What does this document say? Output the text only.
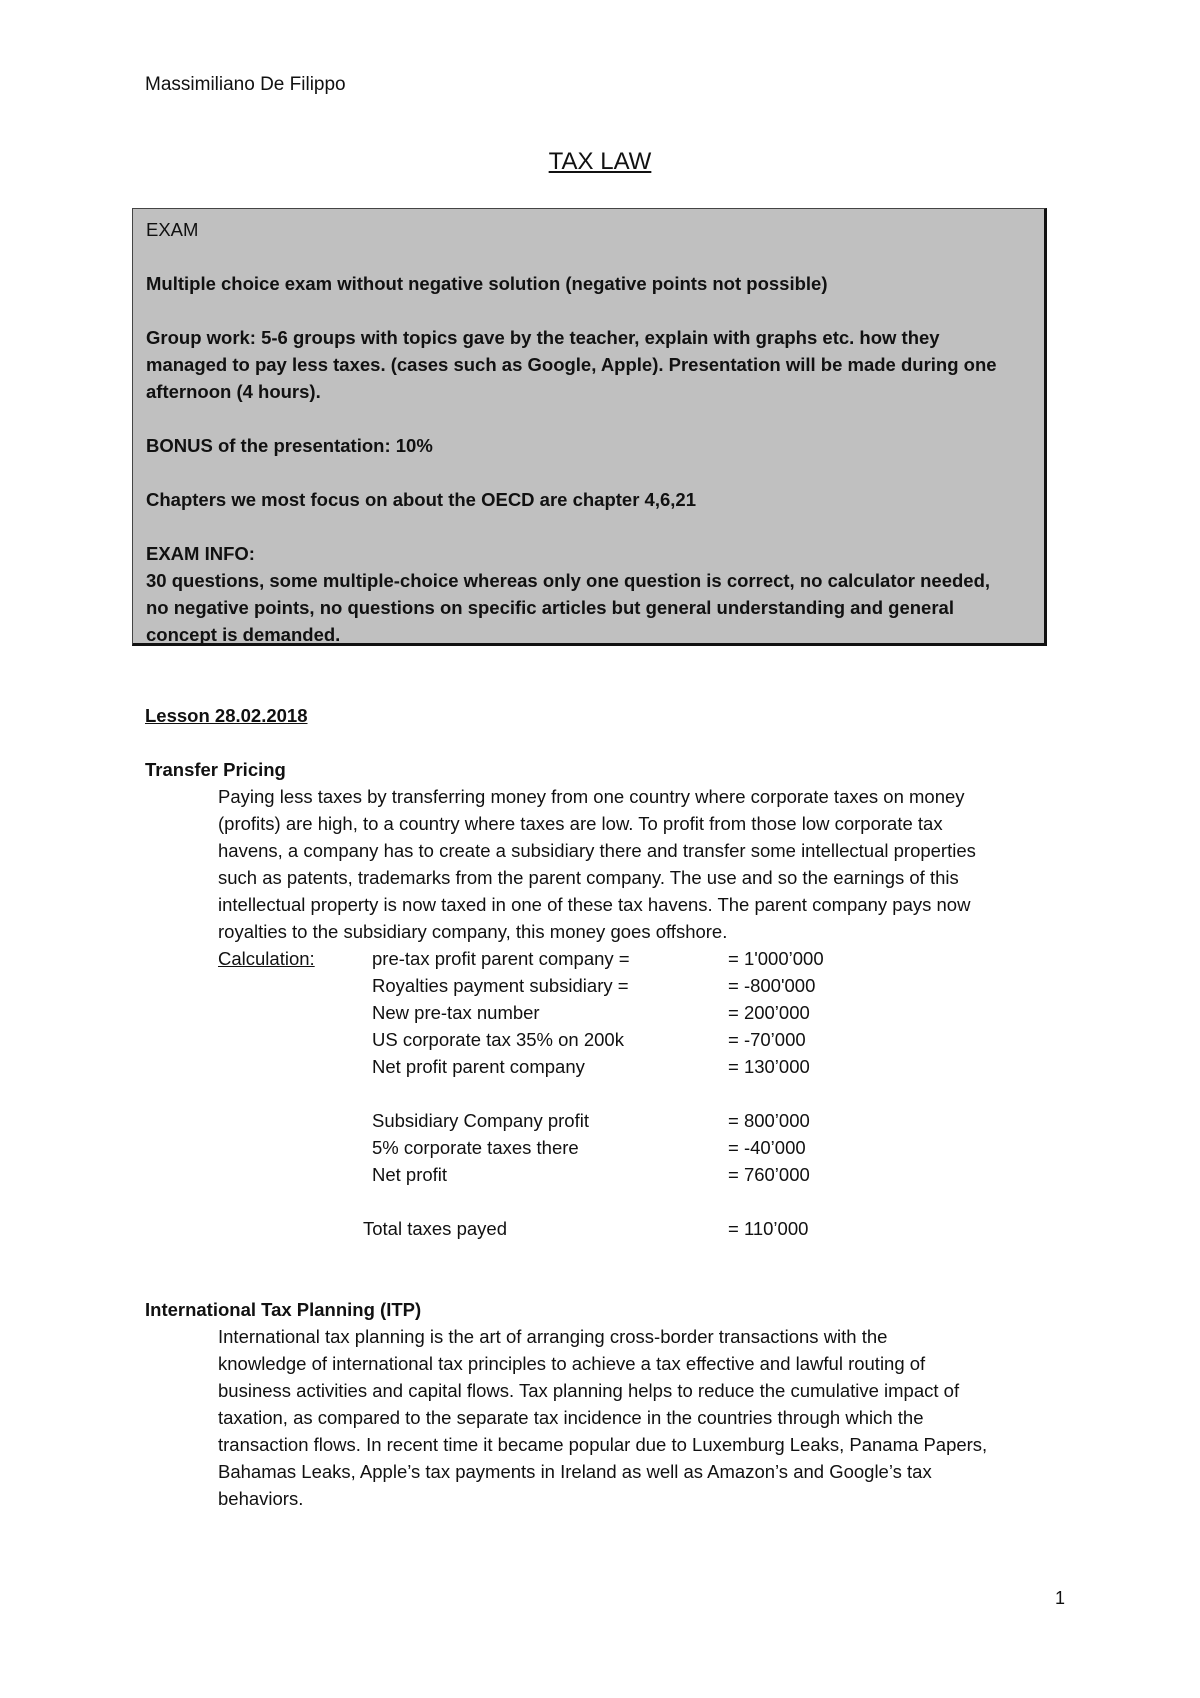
Massimiliano De Filippo
TAX LAW

EXAM

Multiple choice exam without negative solution (negative points not possible)

Group work: 5-6 groups with topics gave by the teacher, explain with graphs etc. how they

managed to pay less taxes. (cases such as Google, Apple). Presentation will be made during one

afternoon (4 hours).

BONUS of the presentation: 10%

Chapters we most focus on about the OECD are chapter 4,6,21

EXAM INFO:

30 questions, some multiple-choice whereas only one question is correct, no calculator needed,

no negative points, no questions on specific articles but general understanding and general

concept is demanded.

Lesson 28.02.2018

Transfer Pricing

Paying less taxes by transferring money from one country where corporate taxes on money

(profits) are high, to a country where taxes are low. To profit from those low corporate tax

havens, a company has to create a subsidiary there and transfer some intellectual properties

such as patents, trademarks from the parent company. The use and so the earnings of this

intellectual property is now taxed in one of these tax havens. The parent company pays now

royalties to the subsidiary company, this money goes offshore.

Calculation:	pre-tax profit parent company =	= 1'000’000
Royalties payment subsidiary =	= -800'000
New pre-tax number	= 200’000
US corporate tax 35% on 200k	= -70’000
Net profit parent company	= 130’000
Subsidiary Company profit	= 800’000
5% corporate taxes there	= -40’000
Net profit	= 760’000
Total taxes payed	= 110’000

International Tax Planning (ITP)

International tax planning is the art of arranging cross-border transactions with the

knowledge of international tax principles to achieve a tax effective and lawful routing of

business activities and capital flows. Tax planning helps to reduce the cumulative impact of

taxation, as compared to the separate tax incidence in the countries through which the

transaction flows. In recent time it became popular due to Luxemburg Leaks, Panama Papers,

Bahamas Leaks, Apple’s tax payments in Ireland as well as Amazon’s and Google’s tax

behaviors.

1
